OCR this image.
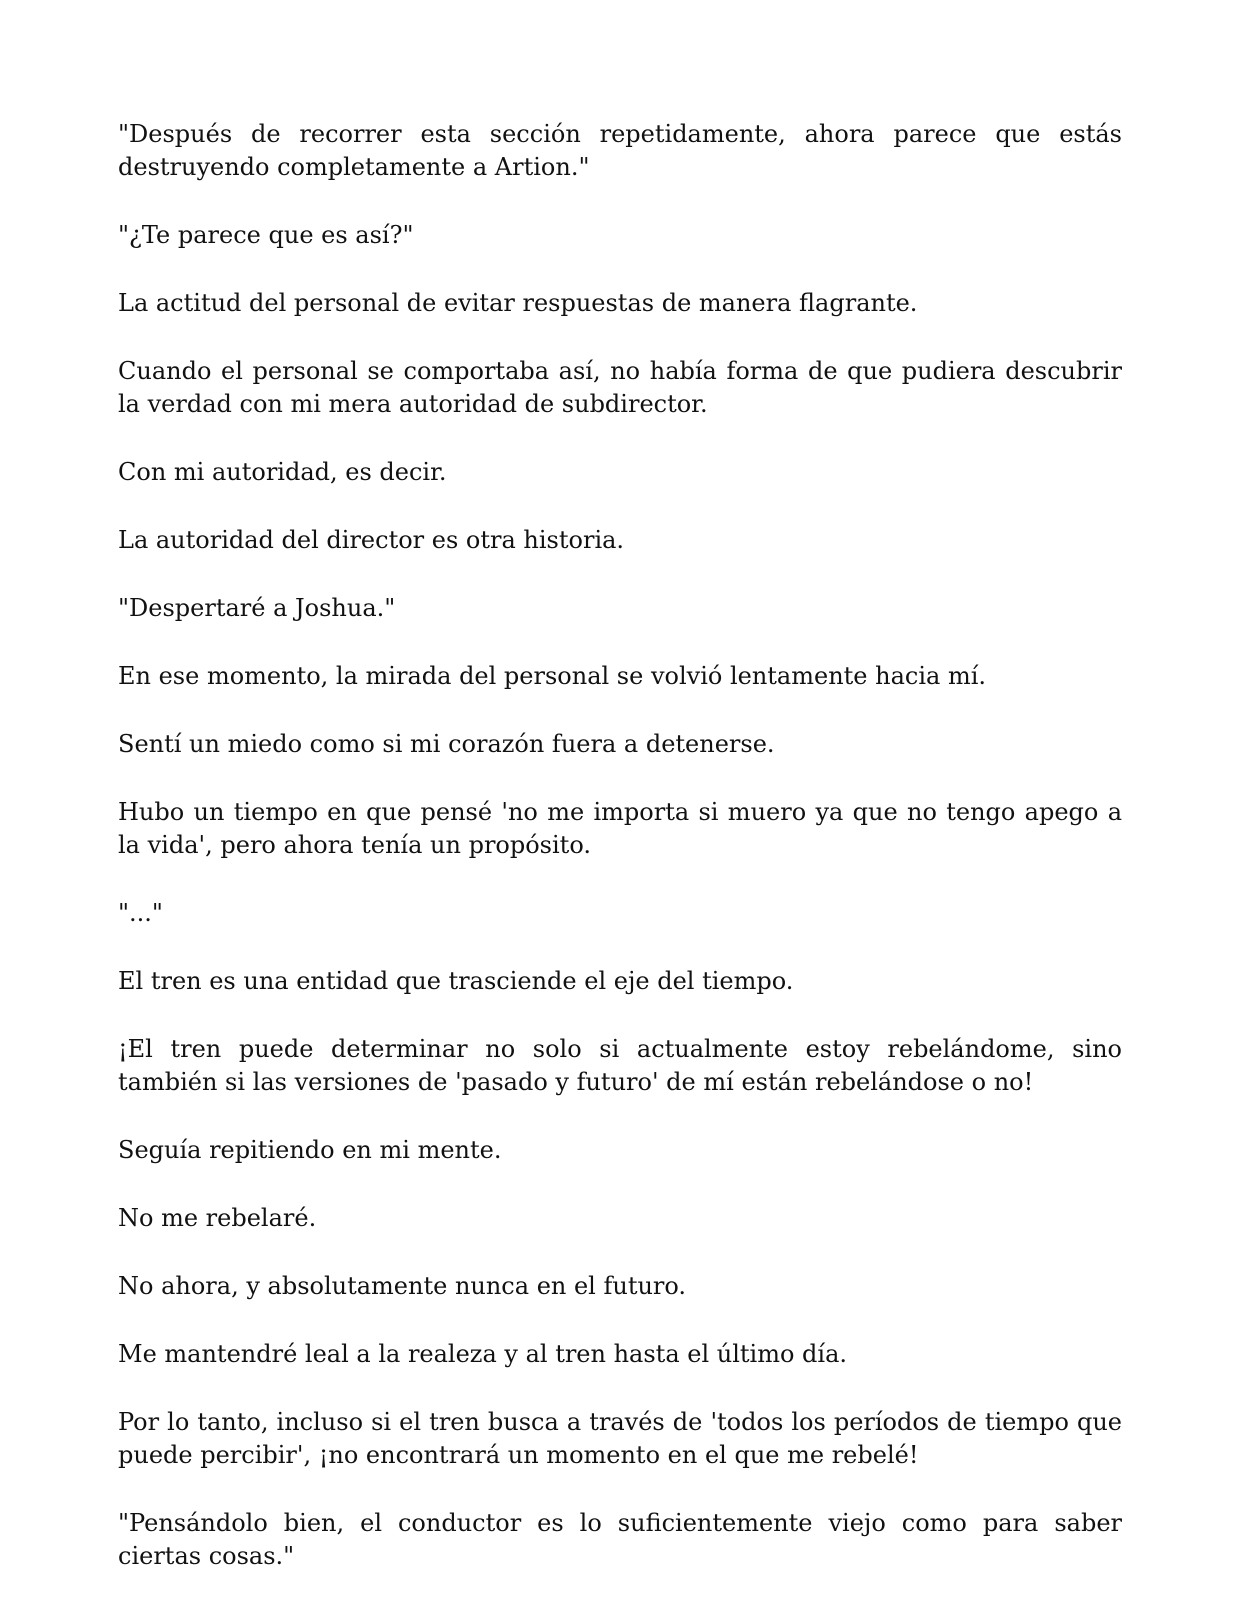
"Después de recorrer esta sección repetidamente, ahora parece que estás destruyendo completamente a Artion."

"¿Te parece que es así?"

La actitud del personal de evitar respuestas de manera flagrante.

Cuando el personal se comportaba así, no había forma de que pudiera descubrir la verdad con mi mera autoridad de subdirector.

Con mi autoridad, es decir.

La autoridad del director es otra historia.

"Despertaré a Joshua."

En ese momento, la mirada del personal se volvió lentamente hacia mí.

Sentí un miedo como si mi corazón fuera a detenerse.

Hubo un tiempo en que pensé 'no me importa si muero ya que no tengo apego a la vida', pero ahora tenía un propósito.

"..."

El tren es una entidad que trasciende el eje del tiempo.

¡El tren puede determinar no solo si actualmente estoy rebelándome, sino también si las versiones de 'pasado y futuro' de mí están rebelándose o no!

Seguía repitiendo en mi mente.

No me rebelaré.

No ahora, y absolutamente nunca en el futuro.

Me mantendré leal a la realeza y al tren hasta el último día.

Por lo tanto, incluso si el tren busca a través de 'todos los períodos de tiempo que puede percibir', ¡no encontrará un momento en el que me rebelé!

"Pensándolo bien, el conductor es lo suficientemente viejo como para saber ciertas cosas."
